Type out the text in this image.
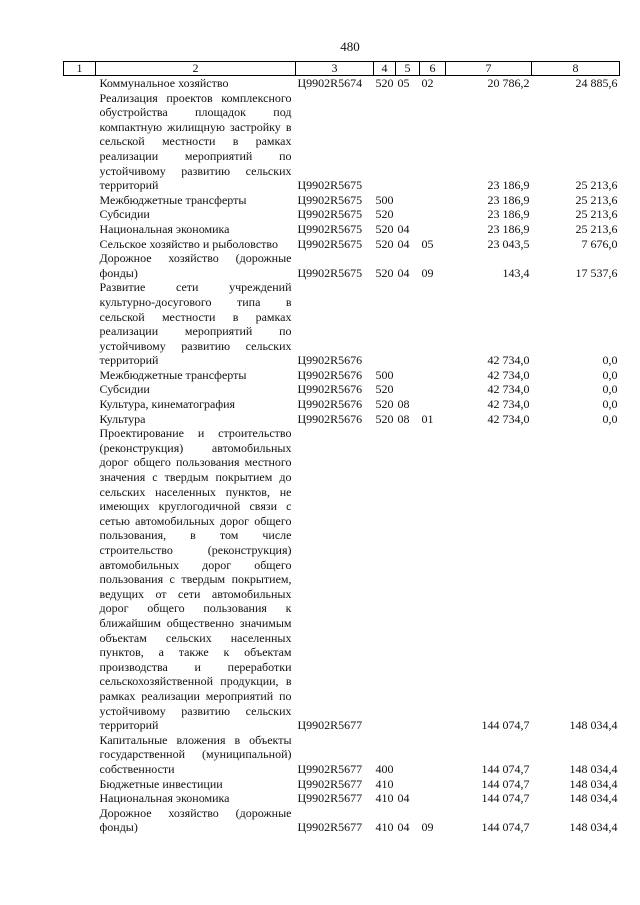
480
1	2	3	4	5	6	7	8
	Коммунальное хозяйство	Ц9902R5674	520	05	02	20 786,2	24 885,6
	Реализация проектов комплексного обустройства площадок под компактную жилищную застройку в сельской местности в рамках реализации мероприятий по устойчивому развитию сельских территорий	Ц9902R5675				23 186,9	25 213,6
	Межбюджетные трансферты	Ц9902R5675	500			23 186,9	25 213,6
	Субсидии	Ц9902R5675	520			23 186,9	25 213,6
	Национальная экономика	Ц9902R5675	520	04		23 186,9	25 213,6
	Сельское хозяйство и рыболовство	Ц9902R5675	520	04	05	23 043,5	7 676,0
	Дорожное хозяйство (дорожные фонды)	Ц9902R5675	520	04	09	143,4	17 537,6
	Развитие сети учреждений культурно-досугового типа в сельской местности в рамках реализации мероприятий по устойчивому развитию сельских территорий	Ц9902R5676				42 734,0	0,0
	Межбюджетные трансферты	Ц9902R5676	500			42 734,0	0,0
	Субсидии	Ц9902R5676	520			42 734,0	0,0
	Культура, кинематография	Ц9902R5676	520	08		42 734,0	0,0
	Культура	Ц9902R5676	520	08	01	42 734,0	0,0
	Проектирование и строительство (реконструкция) автомобильных дорог общего пользования местного значения с твердым покрытием до сельских населенных пунктов, не имеющих круглогодичной связи с сетью автомобильных дорог общего пользования, в том числе строительство (реконструкция) автомобильных дорог общего пользования с твердым покрытием, ведущих от сети автомобильных дорог общего пользования к ближайшим общественно значимым объектам сельских населенных пунктов, а также к объектам производства и переработки сельскохозяйственной продукции, в рамках реализации мероприятий по устойчивому развитию сельских территорий	Ц9902R5677				144 074,7	148 034,4
	Капитальные вложения в объекты государственной (муниципальной) собственности	Ц9902R5677	400			144 074,7	148 034,4
	Бюджетные инвестиции	Ц9902R5677	410			144 074,7	148 034,4
	Национальная экономика	Ц9902R5677	410	04		144 074,7	148 034,4
	Дорожное хозяйство (дорожные фонды)	Ц9902R5677	410	04	09	144 074,7	148 034,4
